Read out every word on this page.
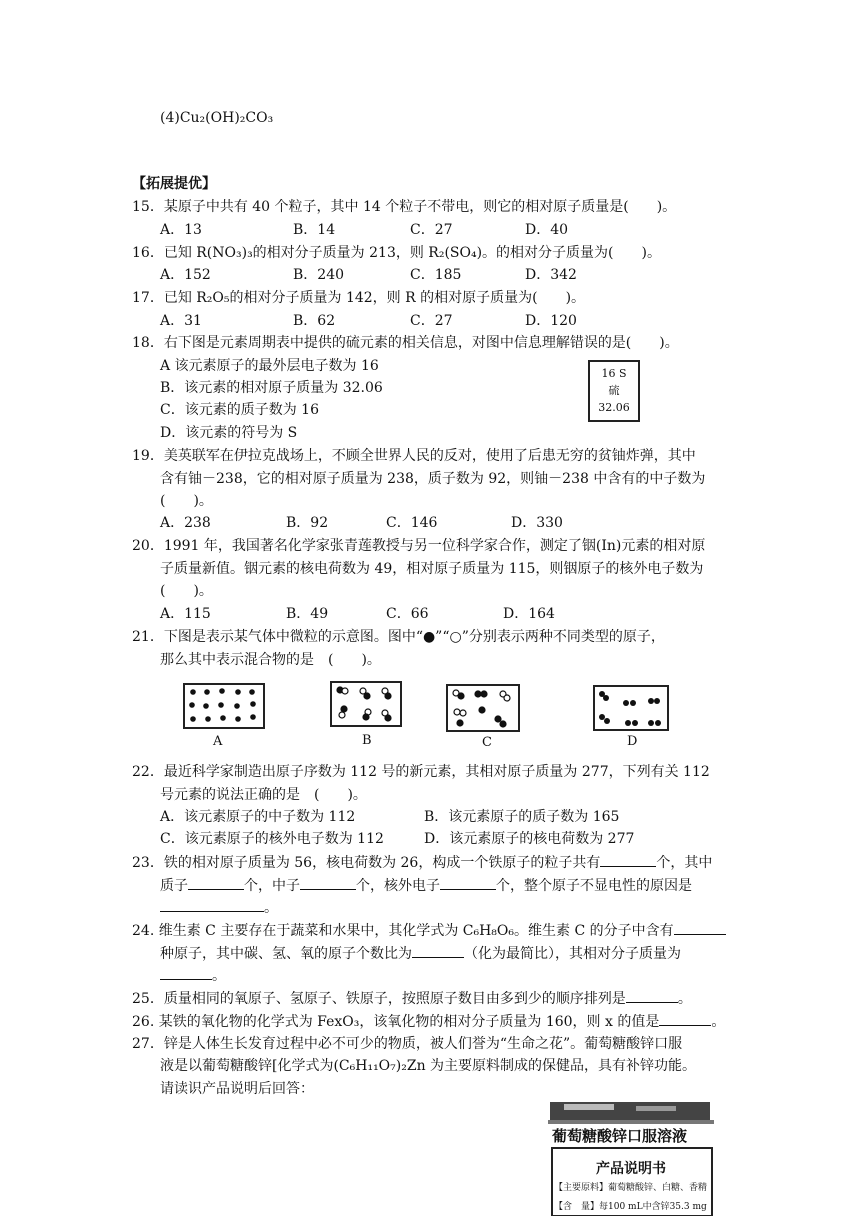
(4)Cu₂(OH)₂CO₃
【拓展提优】
15．某原子中共有 40 个粒子，其中 14 个粒子不带电，则它的相对原子质量是(　　)。
A．13	B．14	C．27	D．40
16．已知 R(NO₃)₃的相对分子质量为 213，则 R₂(SO₄)。的相对分子质量为(　　)。
A．152	B．240	C．185	D．342
17．已知 R₂O₅的相对分子质量为 142，则 R 的相对原子质量为(　　)。
A．31	B．62	C．27	D．120
18．右下图是元素周期表中提供的硫元素的相关信息，对图中信息理解错误的是(　　)。
A 该元素原子的最外层电子数为 16
B．该元素的相对原子质量为 32.06
C．该元素的质子数为 16
D．该元素的符号为 S
16 S
硫
32.06
19．美英联军在伊拉克战场上，不顾全世界人民的反对，使用了后患无穷的贫铀炸弹，其中
含有铀－238，它的相对原子质量为 238，质子数为 92，则铀－238 中含有的中子数为
(　　)。
A．238	B．92	C．146	D．330
20．1991 年，我国著名化学家张青莲教授与另一位科学家合作，测定了铟(In)元素的相对原
子质量新值。铟元素的核电荷数为 49，相对原子质量为 115，则铟原子的核外电子数为
(　　)。
A．115	B．49	C．66	D．164
21．下图是表示某气体中微粒的示意图。图中“●”“○”分别表示两种不同类型的原子，
那么其中表示混合物的是　(　　)。
A	B	C	D
22．最近科学家制造出原子序数为 112 号的新元素，其相对原子质量为 277，下列有关 112
号元素的说法正确的是　(　　)。
A．该元素原子的中子数为 112	B．该元素原子的质子数为 165
C．该元素原子的核外电子数为 112	D．该元素原子的核电荷数为 277
23．铁的相对原子质量为 56，核电荷数为 26，构成一个铁原子的粒子共有	个，其中
质子	个，中子	个，核外电子	个，整个原子不显电性的原因是
。
24. 维生素 C 主要存在于蔬菜和水果中，其化学式为 C₆H₈O₆。维生素 C 的分子中含有
种原子，其中碳、氢、氧的原子个数比为	（化为最简比），其相对分子质量为
。
25．质量相同的氧原子、氢原子、铁原子，按照原子数目由多到少的顺序排列是	。
26. 某铁的氧化物的化学式为 FexO₃，该氧化物的相对分子质量为 160，则 x 的值是	。
27．锌是人体生长发育过程中必不可少的物质，被人们誉为“生命之花”。葡萄糖酸锌口服
液是以葡萄糖酸锌[化学式为(C₆H₁₁O₇)₂Zn 为主要原料制成的保健品，具有补锌功能。
请读识产品说明后回答：
葡萄糖酸锌口服溶液
产品说明书
【主要原料】葡萄糖酸锌、白糖、香精
【含　量】每100 mL中含锌35.3 mg
